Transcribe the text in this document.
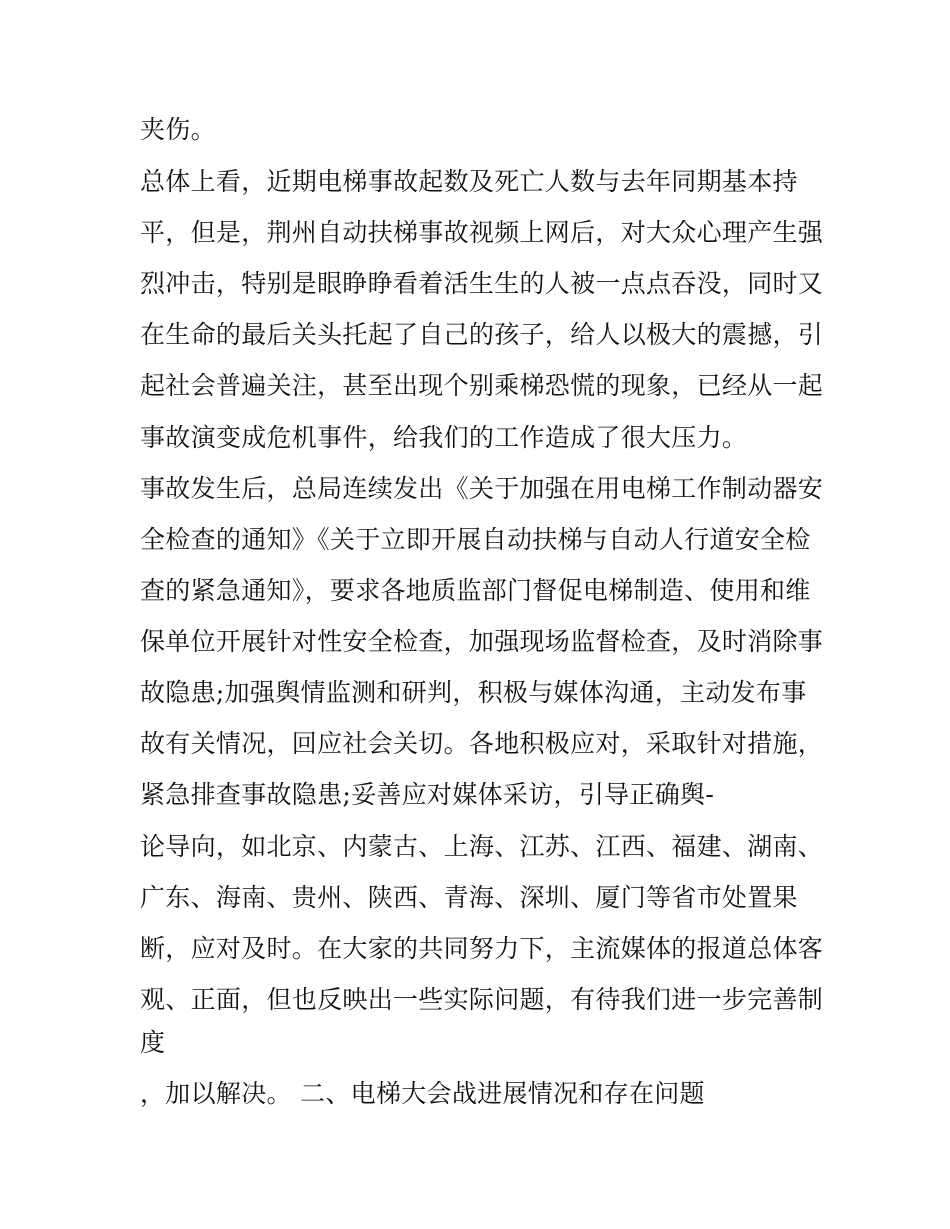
夹伤。
总体上看，近期电梯事故起数及死亡人数与去年同期基本持
平，但是，荆州自动扶梯事故视频上网后，对大众心理产生强
烈冲击，特别是眼睁睁看着活生生的人被一点点吞没，同时又
在生命的最后关头托起了自己的孩子，给人以极大的震撼，引
起社会普遍关注，甚至出现个别乘梯恐慌的现象，已经从一起
事故演变成危机事件，给我们的工作造成了很大压力。
事故发生后，总局连续发出《关于加强在用电梯工作制动器安
全检查的通知》《关于立即开展自动扶梯与自动人行道安全检
查的紧急通知》，要求各地质监部门督促电梯制造、使用和维
保单位开展针对性安全检查，加强现场监督检查，及时消除事
故隐患;加强舆情监测和研判，积极与媒体沟通，主动发布事
故有关情况，回应社会关切。各地积极应对，采取针对措施，
紧急排查事故隐患;妥善应对媒体采访，引导正确舆-
论导向，如北京、内蒙古、上海、江苏、江西、福建、湖南、
广东、海南、贵州、陕西、青海、深圳、厦门等省市处置果
断，应对及时。在大家的共同努力下，主流媒体的报道总体客
观、正面，但也反映出一些实际问题，有待我们进一步完善制
度
，加以解决。 二、电梯大会战进展情况和存在问题
